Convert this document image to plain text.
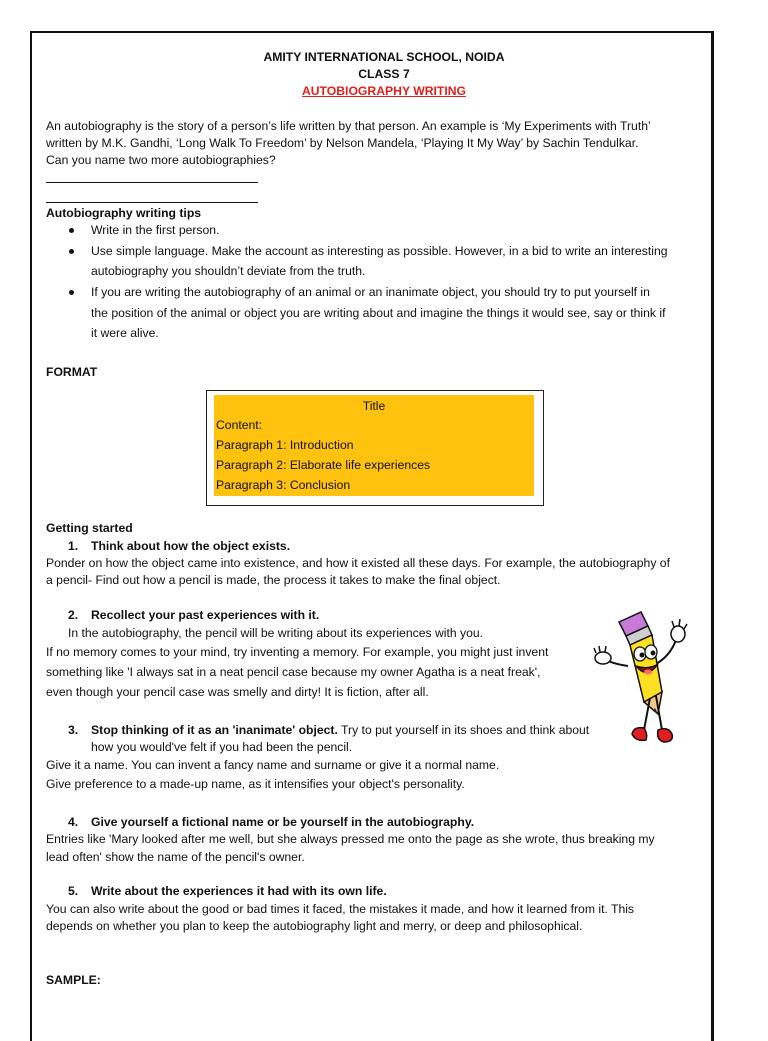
AMITY INTERNATIONAL SCHOOL, NOIDA
CLASS 7
AUTOBIOGRAPHY WRITING
An autobiography is the story of a person’s life written by that person. An example is ‘My Experiments with Truth’
written by M.K. Gandhi, ‘Long Walk To Freedom’ by Nelson Mandela, ‘Playing It My Way’ by Sachin Tendulkar.
Can you name two more autobiographies?
Autobiography writing tips
Write in the first person.
Use simple language. Make the account as interesting as possible. However, in a bid to write an interesting
autobiography you shouldn’t deviate from the truth.
If you are writing the autobiography of an animal or an inanimate object, you should try to put yourself in
the position of the animal or object you are writing about and imagine the things it would see, say or think if
it were alive.
FORMAT
Title
Content:
Paragraph 1: Introduction
Paragraph 2: Elaborate life experiences
Paragraph 3: Conclusion
Getting started
1. Think about how the object exists.
Ponder on how the object came into existence, and how it existed all these days. For example, the autobiography of
a pencil- Find out how a pencil is made, the process it takes to make the final object.
2. Recollect your past experiences with it.
In the autobiography, the pencil will be writing about its experiences with you.
If no memory comes to your mind, try inventing a memory. For example, you might just invent
something like 'I always sat in a neat pencil case because my owner Agatha is a neat freak',
even though your pencil case was smelly and dirty! It is fiction, after all.
3. Stop thinking of it as an 'inanimate' object. Try to put yourself in its shoes and think about
how you would've felt if you had been the pencil.
Give it a name. You can invent a fancy name and surname or give it a normal name.
Give preference to a made-up name, as it intensifies your object's personality.
4. Give yourself a fictional name or be yourself in the autobiography.
Entries like 'Mary looked after me well, but she always pressed me onto the page as she wrote, thus breaking my
lead often' show the name of the pencil's owner.
5. Write about the experiences it had with its own life.
You can also write about the good or bad times it faced, the mistakes it made, and how it learned from it. This
depends on whether you plan to keep the autobiography light and merry, or deep and philosophical.
SAMPLE:
